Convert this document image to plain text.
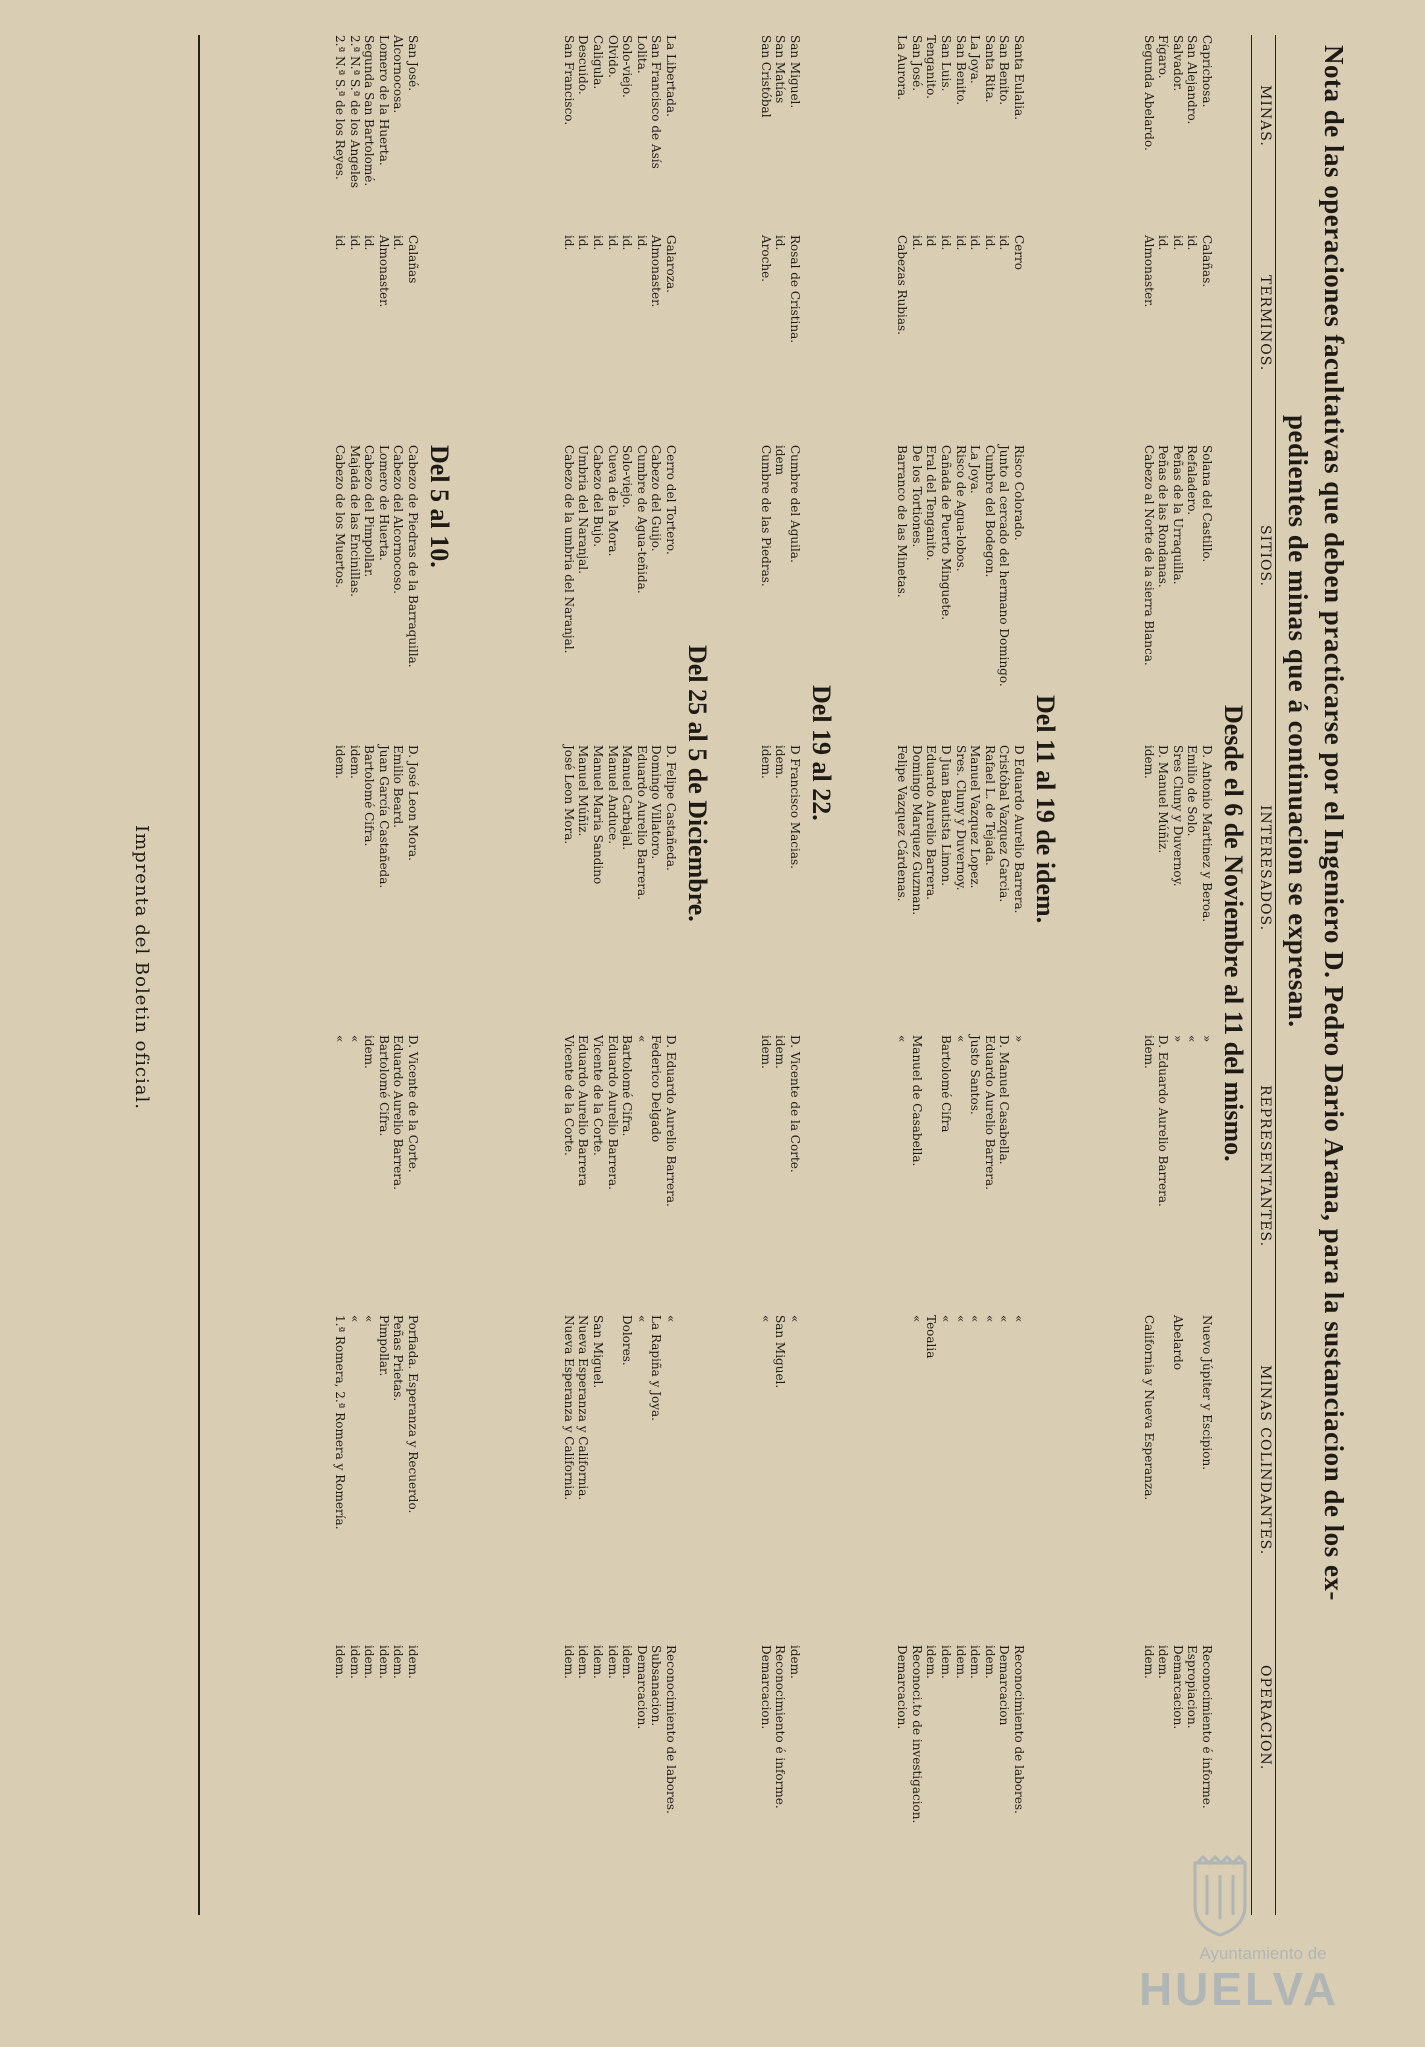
Nota de las operaciones facultativas que deben practicarse por el Ingeniero D. Pedro Dario Arana, para la sustanciacion de los ex-
pedientes de minas que á continuacion se expresan.
MINAS.
TERMINOS.
SITIOS.
INTERESADOS.
REPRESENTANTES.
MINAS COLINDANTES.
OPERACION.
Desde el 6 de Noviembre al 11 del mismo.
Caprichosa.
Calañas.
Solana del Castillo.
D. Antonio Martinez y Beroa.
»
Nuevo Júpiter y Escipion.
Reconocimiento é informe.
San Alejandro.
id.
Refaladero.
Emilio de Solo.
«
Espropiacion.
Salvador.
id.
Peñas de la Urraquilla.
Sres Cluny y Duvernoy.
»
Abelardo
Demarcacion.
Fígaro.
id.
Peñas de las Rondanas.
D. Manuel Múñiz.
D. Eduardo Aurelio Barrera.
idem.
Segunda Abelardo.
Almonaster.
Cabezo al Norte de la sierra Blanca.
idem.
idem.
California y Nueva Esperanza.
idem.
Del 11 al 19 de idem.
Santa Eulalia.
Cerro
Risco Colorado.
D Eduardo Aurelio Barrera.
»
«
Reconocimiento de labores.
San Benito.
id.
Junto al cercado del hermano Domingo.
Cristóbal Vazquez Garcia.
D. Manuel Casabella.
«
Demarcacion
Santa Rita.
id.
Cumbre del Bodegon.
Rafael L. de Tejada.
Eduardo Aurelio Barrera.
«
idem.
La Joya.
id.
La Joya.
Manuel Vazquez Lopez.
Justo Santos.
«
idem.
San Benito.
id.
Risco de Agua-lobos.
Sres. Cluny y Duvernoy.
«
«
idem.
San Luis.
id.
Cañada de Puerto Minguete.
D Juan Bautista Limon.
Bartolomé Cifra
«
idem.
Tenganito.
id
Eral del Tenganito.
Eduardo Aurelio Barrera.
Teoalia
idem.
San José.
id.
De los Tortiones.
Domingo Marquez Guzman.
Manuel de Casabella.
«
Reconoci.to de investigacion.
La Aurora.
Cabezas Rubias.
Barranco de las Minetas.
Felipe Vazquez Cárdenas.
«
Demarcacion.
Del 19 al 22.
San Miguel.
Rosal de Cristina.
Cumbre del Aguila.
D Francisco Macias.
D. Vicente de la Corte.
«
idem.
San Matías
id.
idem
idem.
idem.
San Miguel.
Reconocimiento é informe.
San Cristóbal
Aroche.
Cumbre de las Piedras.
idem.
idem.
«
Demarcacion.
Del 25 al 5 de Diciembre.
La Libertada.
Galaroza.
Cerro del Tortero.
D. Felipe Castañeda.
D. Eduardo Aurelio Barrera.
«
Reconocimiento de labores.
San Francisco de Asís
Almonaster.
Cabezo del Guijo.
Domingo Villatoro.
Federico Delgado
La Rapiña y Joya.
Subsanacion.
Lolita.
id.
Cumbre de Agua-teñida.
Eduardo Aurelio Barrera.
«
«
Demarcacion.
Solo-viejo.
id.
Solo-viejo.
Manuel Carbajal.
Bartolomé Cifra.
Dolores.
idem.
Olvido.
id.
Cueva de la Mora.
Manuel Anduce.
Eduardo Aurelio Barrera.
idem.
Caligula.
id.
Cabezo del Bujo.
Manuel Maria Sandino
Vicente de la Corte.
San Miguel.
idem.
Descuido.
id.
Umbria del Naranjal.
Manuel Múñiz.
Eduardo Aurelio Barrera
Nueva Esperanza y California.
idem.
San Francisco.
id.
Cabezo de la umbria del Naranjal.
José Leon Mora.
Vicente de la Corte.
Nueva Esperanza y California.
idem.
Del 5 al 10.
San José.
Calañas
Cabezo de Piedras de la Barraquilla.
D. José Leon Mora.
D. Vicente de la Corte.
Porfiada. Esperanza y Recuerdo.
idem.
Alcornocosa.
id.
Cabezo del Alcornocoso.
Emilio Beard.
Eduardo Aurelio Barrera.
Peñas Prietas.
idem.
Lomero de la Huerta.
Almonaster.
Lomero de Huerta.
Juan García Castañeda.
Bartolomé Cifra.
Pimpollar.
idem.
Segunda San Bartolomé.
id.
Cabezo del Pimpollar.
Bartolomé Cifra.
idem.
«
idem.
2.ª N.ª S.ª de los Angeles
id.
Majada de las Encinillas.
idem.
«
«
idem.
2.ª N.ª S.ª de los Reyes.
id.
Cabezo de los Muertos.
idem.
«
1.ª Romera, 2.ª Romera y Romería.
idem.
Imprenta del Boletin oficial.
Ayuntamiento de
HUELVA
